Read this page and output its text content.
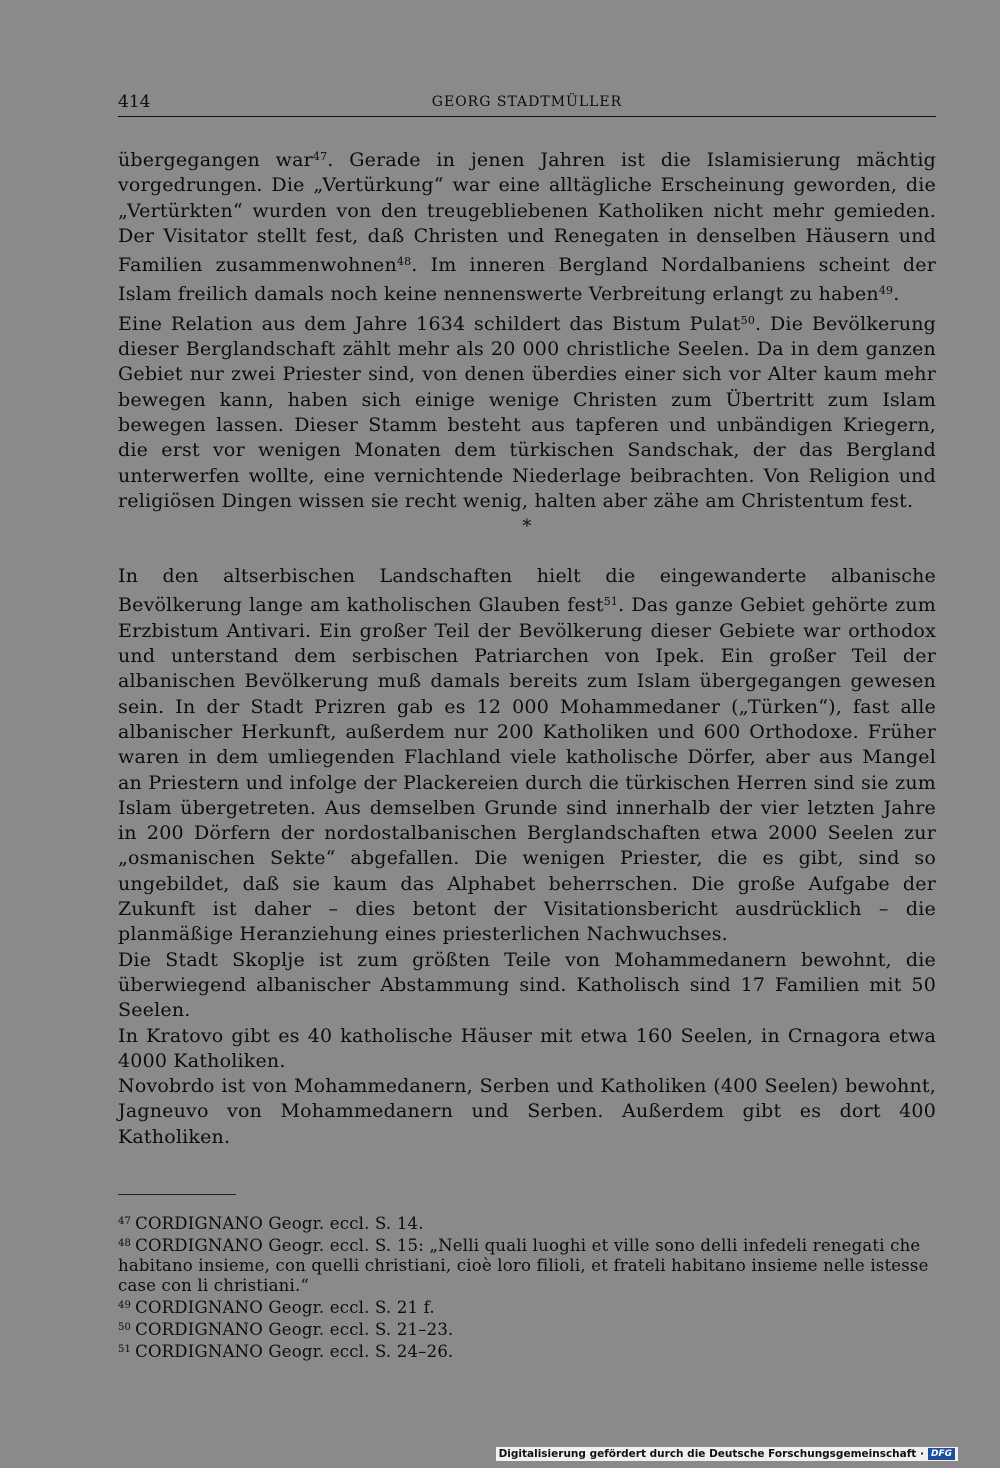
414	GEORG STADTMÜLLER

übergegangen war$^{47}$. Gerade in jenen Jahren ist die Islamisierung mächtig vorgedrungen. Die „Vertürkung“ war eine alltägliche Erscheinung geworden, die „Vertürkten“ wurden von den treugebliebenen Katholiken nicht mehr gemieden. Der Visitator stellt fest, daß Christen und Renegaten in denselben Häusern und Familien zusammenwohnen$^{48}$. Im inneren Bergland Nordalbaniens scheint der Islam freilich damals noch keine nennenswerte Verbreitung erlangt zu haben$^{49}$.

Eine Relation aus dem Jahre 1634 schildert das Bistum Pulat$^{50}$. Die Bevölkerung dieser Berglandschaft zählt mehr als 20 000 christliche Seelen. Da in dem ganzen Gebiet nur zwei Priester sind, von denen überdies einer sich vor Alter kaum mehr bewegen kann, haben sich einige wenige Christen zum Übertritt zum Islam bewegen lassen. Dieser Stamm besteht aus tapferen und unbändigen Kriegern, die erst vor wenigen Monaten dem türkischen Sandschak, der das Bergland unterwerfen wollte, eine vernichtende Niederlage beibrachten. Von Religion und religiösen Dingen wissen sie recht wenig, halten aber zähe am Christentum fest.

*

In den altserbischen Landschaften hielt die eingewanderte albanische Bevölkerung lange am katholischen Glauben fest$^{51}$. Das ganze Gebiet gehörte zum Erzbistum Antivari. Ein großer Teil der Bevölkerung dieser Gebiete war orthodox und unterstand dem serbischen Patriarchen von Ipek. Ein großer Teil der albanischen Bevölkerung muß damals bereits zum Islam übergegangen gewesen sein. In der Stadt Prizren gab es 12 000 Mohammedaner („Türken“), fast alle albanischer Herkunft, außerdem nur 200 Katholiken und 600 Orthodoxe. Früher waren in dem umliegenden Flachland viele katholische Dörfer, aber aus Mangel an Priestern und infolge der Plackereien durch die türkischen Herren sind sie zum Islam übergetreten. Aus demselben Grunde sind innerhalb der vier letzten Jahre in 200 Dörfern der nordostalbanischen Berglandschaften etwa 2000 Seelen zur „osmanischen Sekte“ abgefallen. Die wenigen Priester, die es gibt, sind so ungebildet, daß sie kaum das Alphabet beherrschen. Die große Aufgabe der Zukunft ist daher – dies betont der Visitationsbericht ausdrücklich – die planmäßige Heranziehung eines priesterlichen Nachwuchses.

Die Stadt Skoplje ist zum größten Teile von Mohammedanern bewohnt, die überwiegend albanischer Abstammung sind. Katholisch sind 17 Familien mit 50 Seelen.

In Kratovo gibt es 40 katholische Häuser mit etwa 160 Seelen, in Crnagora etwa 4000 Katholiken.

Novobrdo ist von Mohammedanern, Serben und Katholiken (400 Seelen) bewohnt, Jagneuvo von Mohammedanern und Serben. Außerdem gibt es dort 400 Katholiken.

$^{47}$ CORDIGNANO Geogr. eccl. S. 14.

$^{48}$ CORDIGNANO Geogr. eccl. S. 15: „Nelli quali luoghi et ville sono delli infedeli renegati che habitano insieme, con quelli christiani, cioè loro filioli, et frateli habitano insieme nelle istesse case con li christiani.“

$^{49}$ CORDIGNANO Geogr. eccl. S. 21 f.

$^{50}$ CORDIGNANO Geogr. eccl. S. 21–23.

$^{51}$ CORDIGNANO Geogr. eccl. S. 24–26.

Digitalisierung gefördert durch die Deutsche Forschungsgemeinschaft · DFG
